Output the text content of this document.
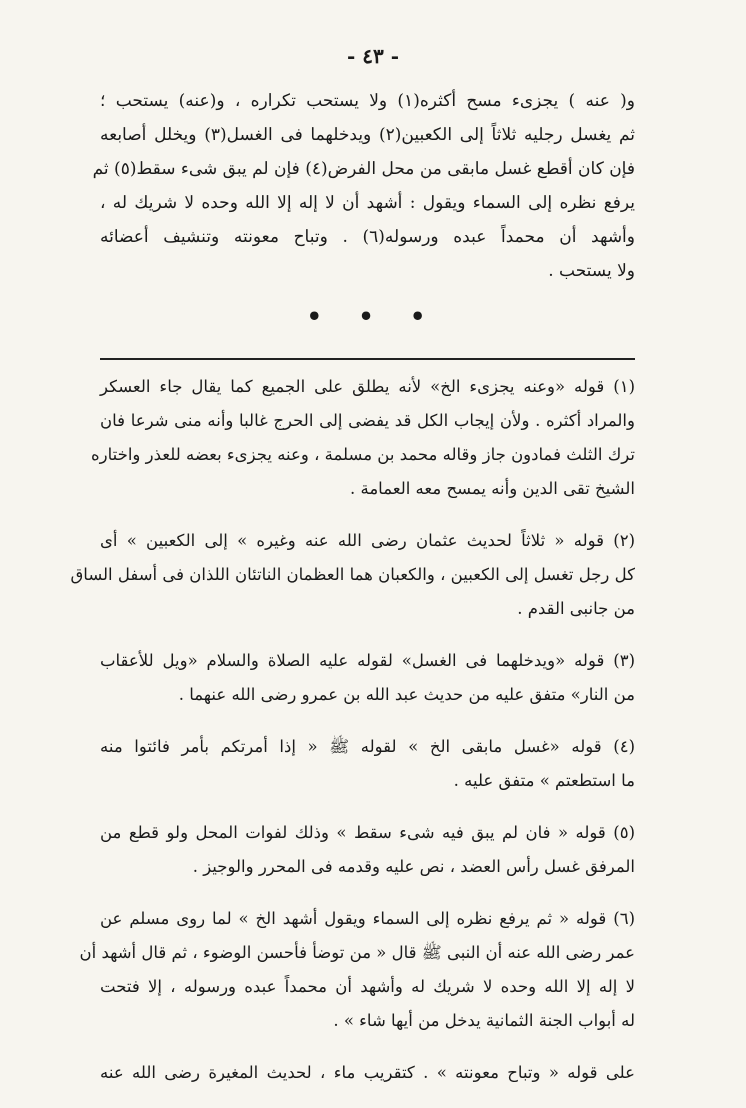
- ٤٣ -
و( عنه ) يجزىء مسح أكثره(١) ولا يستحب تكراره ، و(عنه) يستحب ؛
ثم يغسل رجليه ثلاثاً إلى الكعبين(٢) ويدخلهما فى الغسل(٣) ويخلل أصابعه
فإن كان أقطع غسل مابقى من محل الفرض(٤) فإن لم يبق شىء سقط(٥) ثم
يرفع نظره إلى السماء ويقول : أشهد أن لا إله إلا الله وحده لا شريك له ،
وأشهد أن محمداً عبده ورسوله(٦) . وتباح معونته وتنشيف أعضائه
ولا يستحب .
• • •
(١) قوله «وعنه يجزىء الخ» لأنه يطلق على الجميع كما يقال جاء العسكر
والمراد أكثره . ولأن إيجاب الكل قد يفضى إلى الحرج غالبا وأنه منى شرعا فان
ترك الثلث فمادون جاز وقاله محمد بن مسلمة ، وعنه يجزىء بعضه للعذر واختاره
الشيخ تقى الدين وأنه يمسح معه العمامة .
(٢) قوله « ثلاثاً لحديث عثمان رضى الله عنه وغيره » إلى الكعبين » أى
كل رجل تغسل إلى الكعبين ، والكعبان هما العظمان الناتئان اللذان فى أسفل الساق
من جانبى القدم .
(٣) قوله «ويدخلهما فى الغسل» لقوله عليه الصلاة والسلام «ويل للأعقاب
من النار» متفق عليه من حديث عبد الله بن عمرو رضى الله عنهما .
(٤) قوله «غسل مابقى الخ » لقوله ﷺ « إذا أمرتكم بأمر فائتوا منه
ما استطعتم » متفق عليه .
(٥) قوله « فان لم يبق فيه شىء سقط » وذلك لفوات المحل ولو قطع من
المرفق غسل رأس العضد ، نص عليه وقدمه فى المحرر والوجيز .
(٦) قوله « ثم يرفع نظره إلى السماء ويقول أشهد الخ » لما روى مسلم عن
عمر رضى الله عنه أن النبى ﷺ قال « من توضأ فأحسن الوضوء ، ثم قال أشهد أن
لا إله إلا الله وحده لا شريك له وأشهد أن محمداً عبده ورسوله ، إلا فتحت
له أبواب الجنة الثمانية يدخل من أيها شاء » .
على قوله « وتباح معونته » . كتقريب ماء ، لحديث المغيرة رضى الله عنه
